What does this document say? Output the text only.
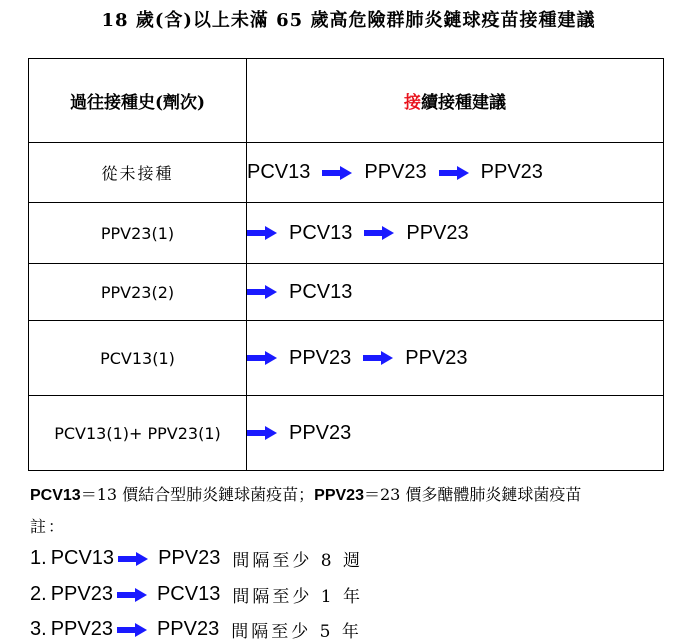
18 歲(含)以上未滿 65 歲高危險群肺炎鏈球疫苗接種建議
過往接種史(劑次)	接續接種建議
從未接種	PCV13 PPV23 PPV23

PPV23(1)	PCV13 PPV23

PPV23(2)	PCV13

PCV13(1)	PPV23 PPV23

PCV13(1)+ PPV23(1)	PPV23
PCV13＝13 價結合型肺炎鏈球菌疫苗；PPV23＝23 價多醣體肺炎鏈球菌疫苗
註：
1. PCV13 PPV23 間隔至少 8 週
2. PPV23 PCV13 間隔至少 1 年
3. PPV23 PPV23 間隔至少 5 年
